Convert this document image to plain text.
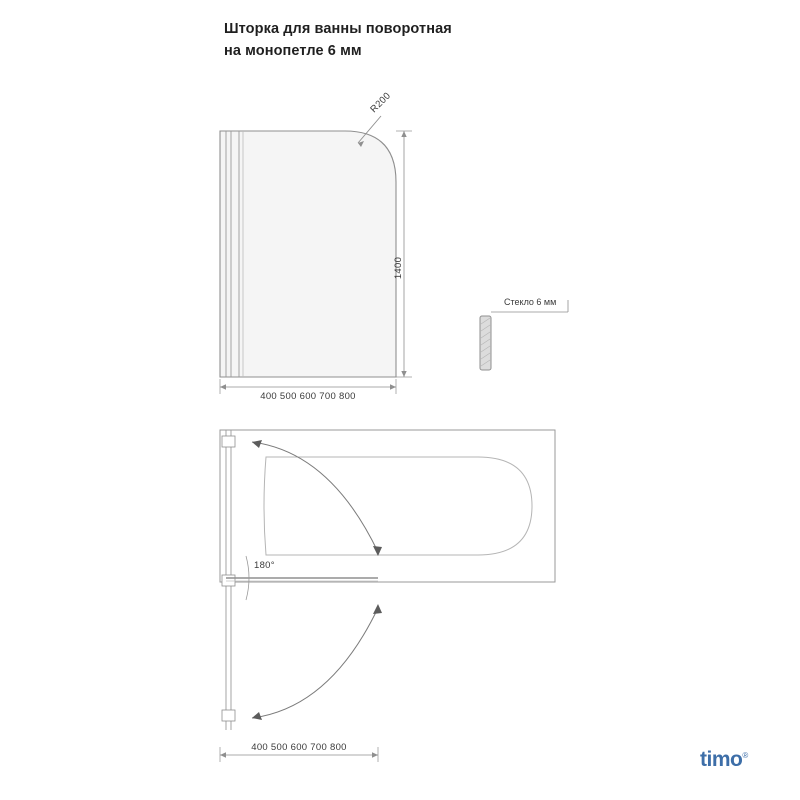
Шторка для ванны поворотная
на монопетле 6 мм
R200
1400
400 500 600 700 800
Стекло 6 мм
180°
400 500 600 700 800
timo®
